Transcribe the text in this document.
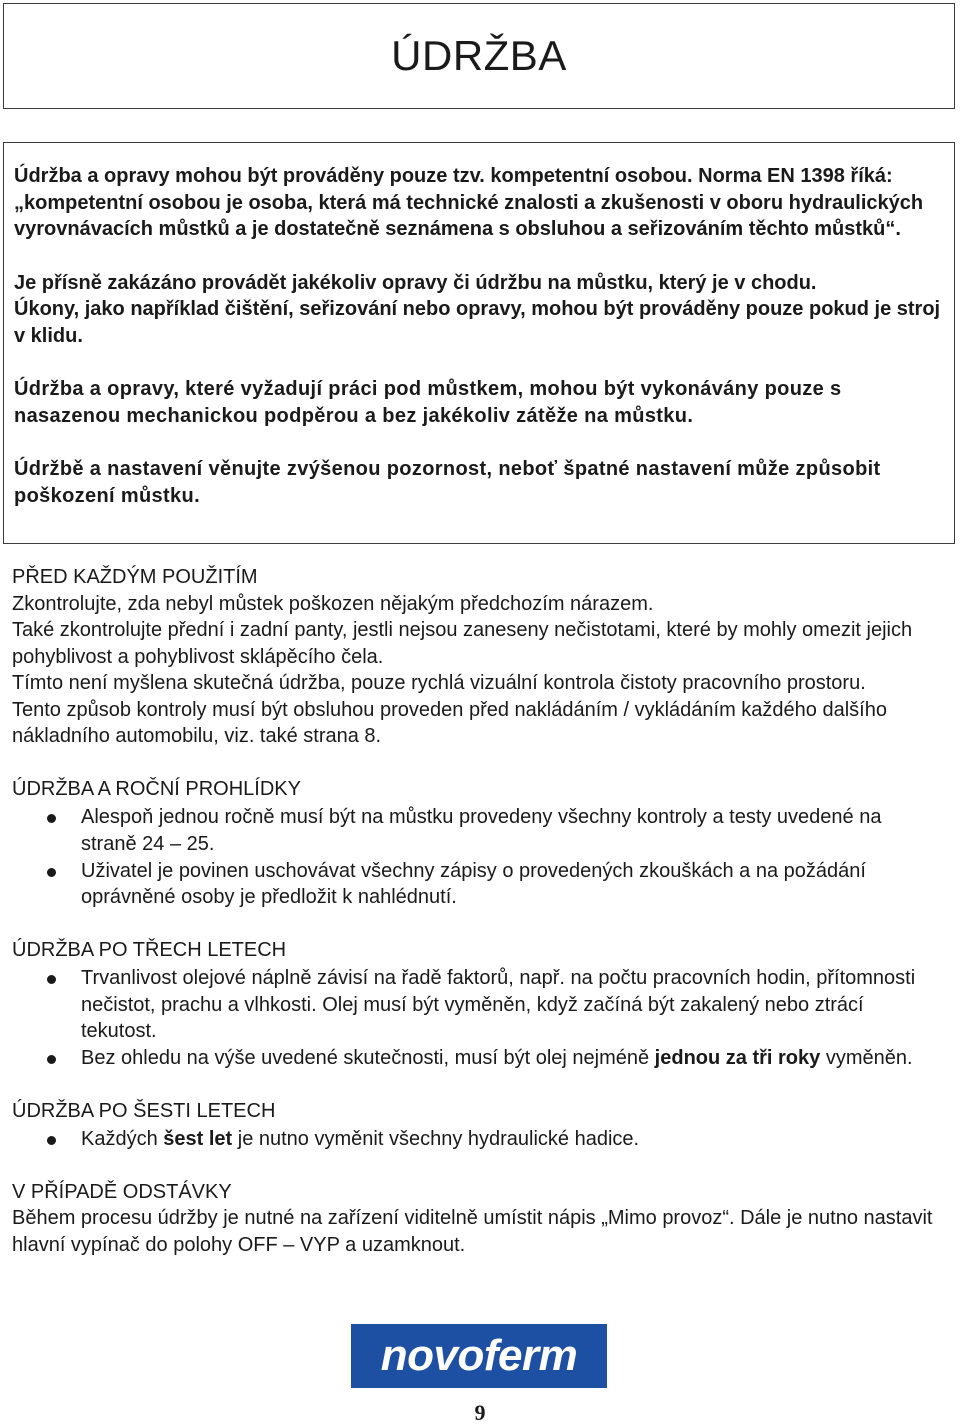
ÚDRŽBA

Údržba a opravy mohou být prováděny pouze tzv. kompetentní osobou. Norma EN 1398 říká: „kompetentní osobou je osoba, která má technické znalosti a zkušenosti v oboru hydraulických vyrovnávacích můstků a je dostatečně seznámena s obsluhou a seřizováním těchto můstků“.

Je přísně zakázáno provádět jakékoliv opravy či údržbu na můstku, který je v chodu.

Úkony, jako například čištění, seřizování nebo opravy, mohou být prováděny pouze pokud je stroj v klidu.

Údržba a opravy, které vyžadují práci pod můstkem, mohou být vykonávány pouze s nasazenou mechanickou podpěrou a bez jakékoliv zátěže na můstku.

Údržbě a nastavení věnujte zvýšenou pozornost, neboť špatné nastavení může způsobit poškození můstku.

PŘED KAŽDÝM POUŽITÍM

Zkontrolujte, zda nebyl můstek poškozen nějakým předchozím nárazem.

Také zkontrolujte přední i zadní panty, jestli nejsou zaneseny nečistotami, které by mohly omezit jejich pohyblivost a pohyblivost sklápěcího čela.

Tímto není myšlena skutečná údržba, pouze rychlá vizuální kontrola čistoty pracovního prostoru.

Tento způsob kontroly musí být obsluhou proveden před nakládáním / vykládáním každého dalšího nákladního automobilu, viz. také strana 8.

ÚDRŽBA A ROČNÍ PROHLÍDKY
Alespoň jednou ročně musí být na můstku provedeny všechny kontroly a testy uvedené na straně 24 – 25.
Uživatel je povinen uschovávat všechny zápisy o provedených zkouškách a na požádání oprávněné osoby je předložit k nahlédnutí.
ÚDRŽBA PO TŘECH LETECH
Trvanlivost olejové náplně závisí na řadě faktorů, např. na počtu pracovních hodin, přítomnosti nečistot, prachu a vlhkosti. Olej musí být vyměněn, když začíná být zakalený nebo ztrácí tekutost.
Bez ohledu na výše uvedené skutečnosti, musí být olej nejméně jednou za tři roky vyměněn.
ÚDRŽBA PO ŠESTI LETECH
Každých šest let je nutno vyměnit všechny hydraulické hadice.
V PŘÍPADĚ ODSTÁVKY

Během procesu údržby je nutné na zařízení viditelně umístit nápis „Mimo provoz“. Dále je nutno nastavit hlavní vypínač do polohy OFF – VYP a uzamknout.

novoferm
9
